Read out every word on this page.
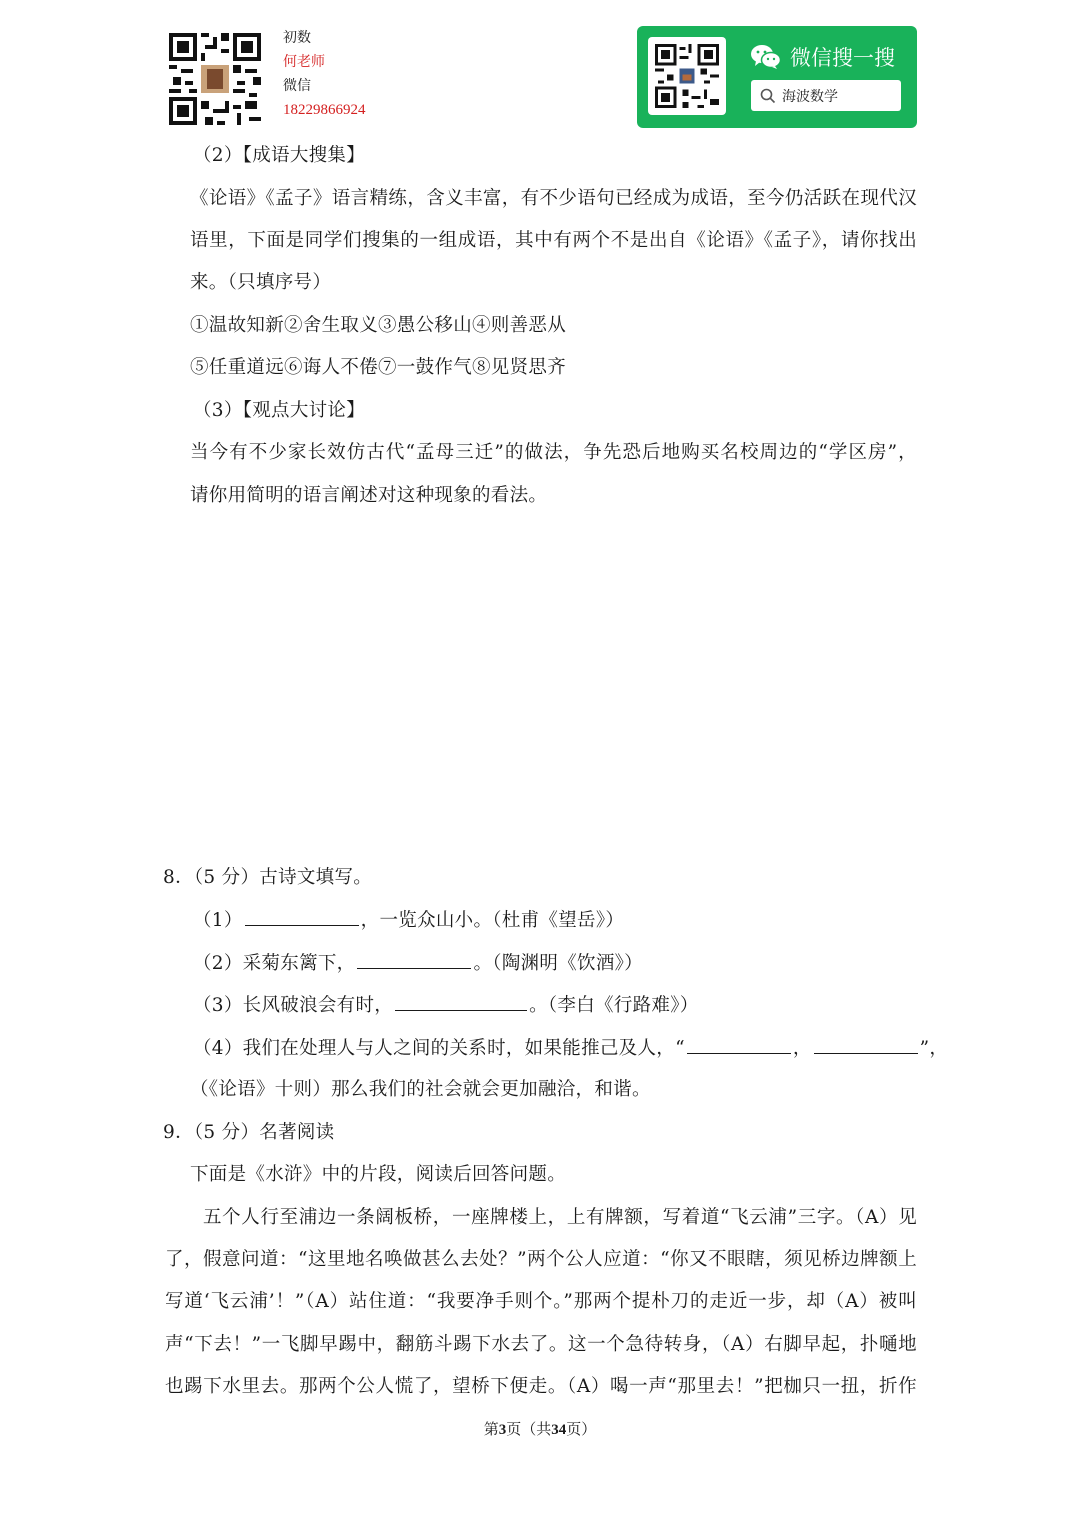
初数
何老师
微信
18229866924
微信搜一搜
海波数学
（2）【成语大搜集】
《论语》《孟子》语言精练，含义丰富，有不少语句已经成为成语，至今仍活跃在现代汉
语里，下面是同学们搜集的一组成语，其中有两个不是出自《论语》《孟子》，请你找出
来。（只填序号）
①温故知新②舍生取义③愚公移山④则善恶从
⑤任重道远⑥诲人不倦⑦一鼓作气⑧见贤思齐
（3）【观点大讨论】
当今有不少家长效仿古代“孟母三迁”的做法，争先恐后地购买名校周边的“学区房”，
请你用简明的语言阐述对这种现象的看法。
8．（5 分）古诗文填写。
（1）	，一览众山小。（杜甫《望岳》）
（2）采菊东篱下，	。（陶渊明《饮酒》）
（3）长风破浪会有时，	。（李白《行路难》）
（4）我们在处理人与人之间的关系时，如果能推己及人，“	，	”，
（《论语》十则）那么我们的社会就会更加融洽，和谐。
9．（5 分）名著阅读
下面是《水浒》中的片段，阅读后回答问题。
五个人行至浦边一条阔板桥，一座牌楼上，上有牌额，写着道“飞云浦”三字。（A）见
了，假意问道：“这里地名唤做甚么去处？”两个公人应道：“你又不眼瞎，须见桥边牌额上
写道‘飞云浦’！”（A）站住道：“我要净手则个。”那两个提朴刀的走近一步，却（A）被叫
声“下去！”一飞脚早踢中，翻筋斗踢下水去了。这一个急待转身，（A）右脚早起，扑嗵地
也踢下水里去。那两个公人慌了，望桥下便走。（A）喝一声“那里去！”把枷只一扭，折作
第3页（共34页）
